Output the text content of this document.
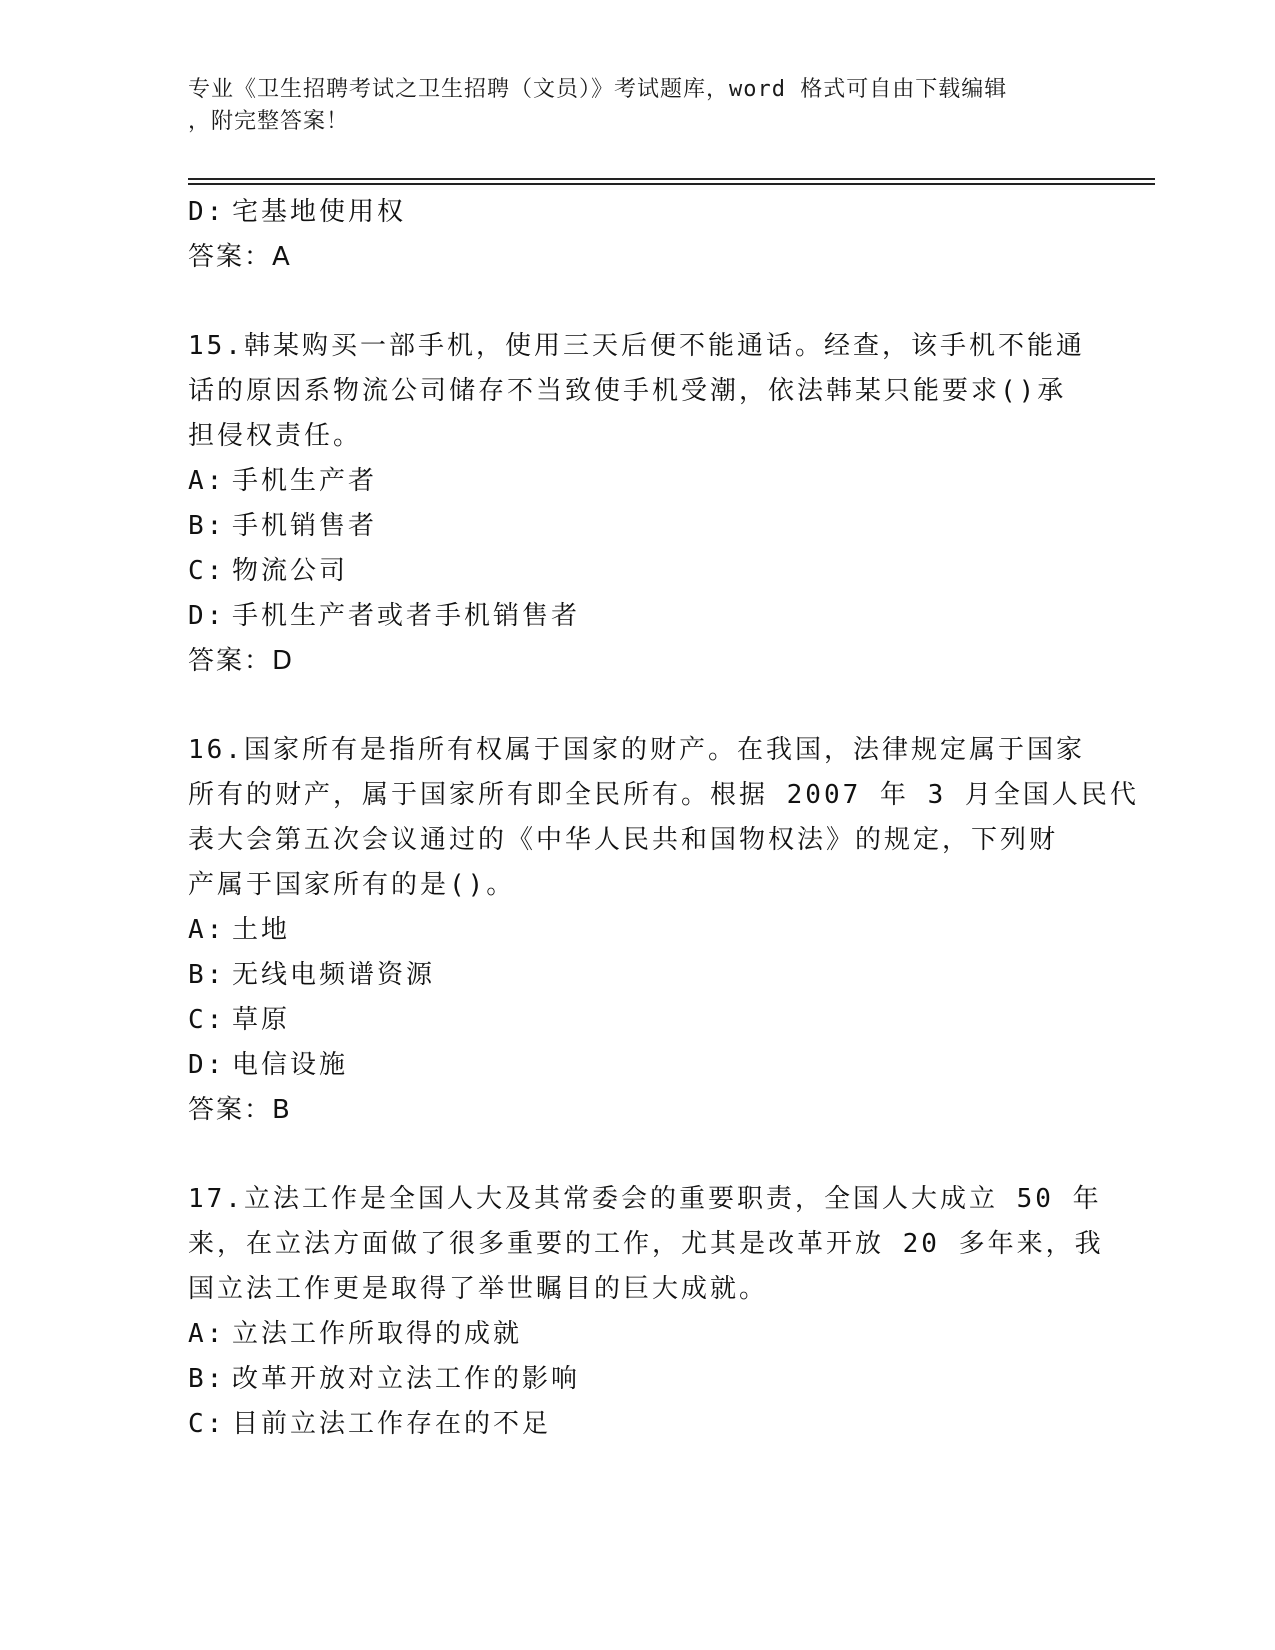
专业《卫生招聘考试之卫生招聘（文员）》考试题库，word 格式可自由下载编辑
，附完整答案！
D: 宅基地使用权
答案：A
15.韩某购买一部手机，使用三天后便不能通话。经查，该手机不能通
话的原因系物流公司储存不当致使手机受潮，依法韩某只能要求()承
担侵权责任。
A: 手机生产者
B: 手机销售者
C: 物流公司
D: 手机生产者或者手机销售者
答案：D
16.国家所有是指所有权属于国家的财产。在我国，法律规定属于国家
所有的财产，属于国家所有即全民所有。根据 2007 年 3 月全国人民代
表大会第五次会议通过的《中华人民共和国物权法》的规定，下列财
产属于国家所有的是()。
A: 土地
B: 无线电频谱资源
C: 草原
D: 电信设施
答案：B
17.立法工作是全国人大及其常委会的重要职责，全国人大成立 50 年
来，在立法方面做了很多重要的工作，尤其是改革开放 20 多年来，我
国立法工作更是取得了举世瞩目的巨大成就。
A: 立法工作所取得的成就
B: 改革开放对立法工作的影响
C: 目前立法工作存在的不足
